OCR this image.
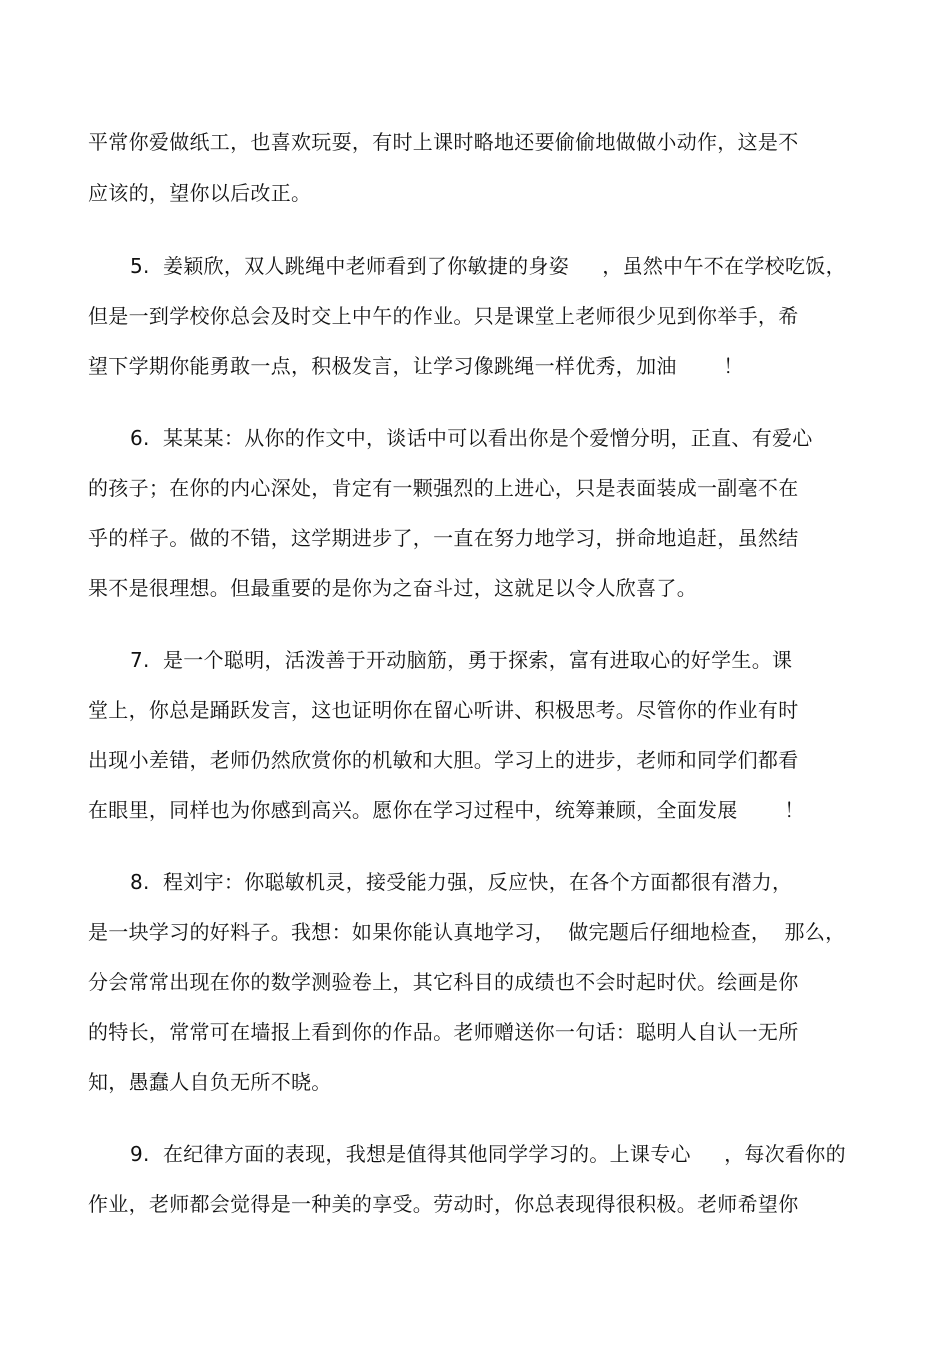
平常你爱做纸工，也喜欢玩耍，有时上课时略地还要偷偷地做做小动作，这是不
应该的，望你以后改正。
5.  姜颖欣，双人跳绳中老师看到了你敏捷的身姿     ，虽然中午不在学校吃饭，
但是一到学校你总会及时交上中午的作业。只是课堂上老师很少见到你举手，希
望下学期你能勇敢一点，积极发言，让学习像跳绳一样优秀，加油       ！
6.  某某某：从你的作文中，谈话中可以看出你是个爱憎分明，正直、有爱心
的孩子；在你的内心深处，肯定有一颗强烈的上进心，只是表面装成一副毫不在
乎的样子。做的不错，这学期进步了，一直在努力地学习，拼命地追赶，虽然结
果不是很理想。但最重要的是你为之奋斗过，这就足以令人欣喜了。
7.  是一个聪明，活泼善于开动脑筋，勇于探索，富有进取心的好学生。课
堂上，你总是踊跃发言，这也证明你在留心听讲、积极思考。尽管你的作业有时
出现小差错，老师仍然欣赏你的机敏和大胆。学习上的进步，老师和同学们都看
在眼里，同样也为你感到高兴。愿你在学习过程中，统筹兼顾，全面发展       ！
8.  程刘宇：你聪敏机灵，接受能力强，反应快，在各个方面都很有潜力，
是一块学习的好料子。我想：如果你能认真地学习，  做完题后仔细地检查，  那么，
分会常常出现在你的数学测验卷上，其它科目的成绩也不会时起时伏。绘画是你
的特长，常常可在墙报上看到你的作品。老师赠送你一句话：聪明人自认一无所
知，愚蠢人自负无所不晓。
9.  在纪律方面的表现，我想是值得其他同学学习的。上课专心     ，每次看你的
作业，老师都会觉得是一种美的享受。劳动时，你总表现得很积极。老师希望你
